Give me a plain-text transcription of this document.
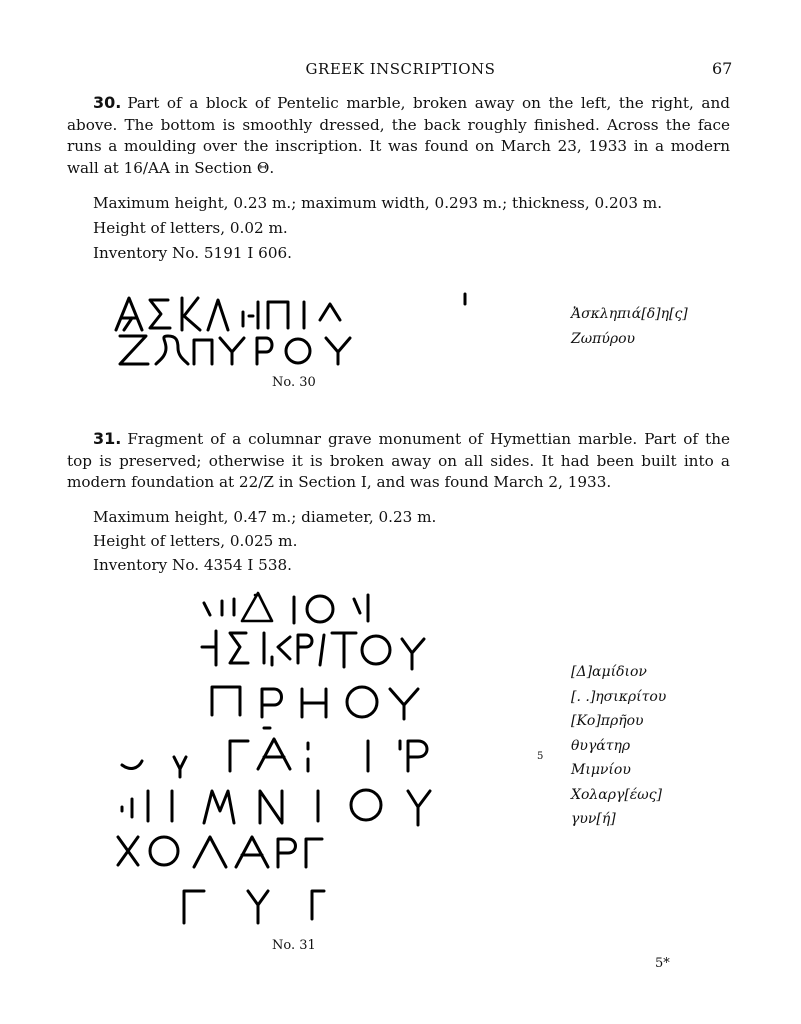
GREEK INSCRIPTIONS	67
30. Part of a block of Pentelic marble, broken away on the left, the right, and above. The bottom is smoothly dressed, the back roughly finished. Across the face runs a moulding over the inscription. It was found on March 23, 1933 in a modern wall at 16/ΑΑ in Section Θ.
Maximum height, 0.23 m.; maximum width, 0.293 m.; thickness, 0.203 m.
Height of letters, 0.02 m.
Inventory No. 5191 I 606.
No. 30
Ἀσκληπιά[δ]η[ς]
Ζωπύρου
31. Fragment of a columnar grave monument of Hymettian marble. Part of the top is preserved; otherwise it is broken away on all sides. It had been built into a modern foundation at 22/Ζ in Section Ι, and was found March 2, 1933.
Maximum height, 0.47 m.; diameter, 0.23 m.
Height of letters, 0.025 m.
Inventory No. 4354 I 538.
No. 31
5
[Δ]αμίδιον
[. .]ησικρίτου
[Κο]πρῆου
θυγάτηρ
Μιμνίου
Χολαργ[έως]
γυν[ή]
5*
